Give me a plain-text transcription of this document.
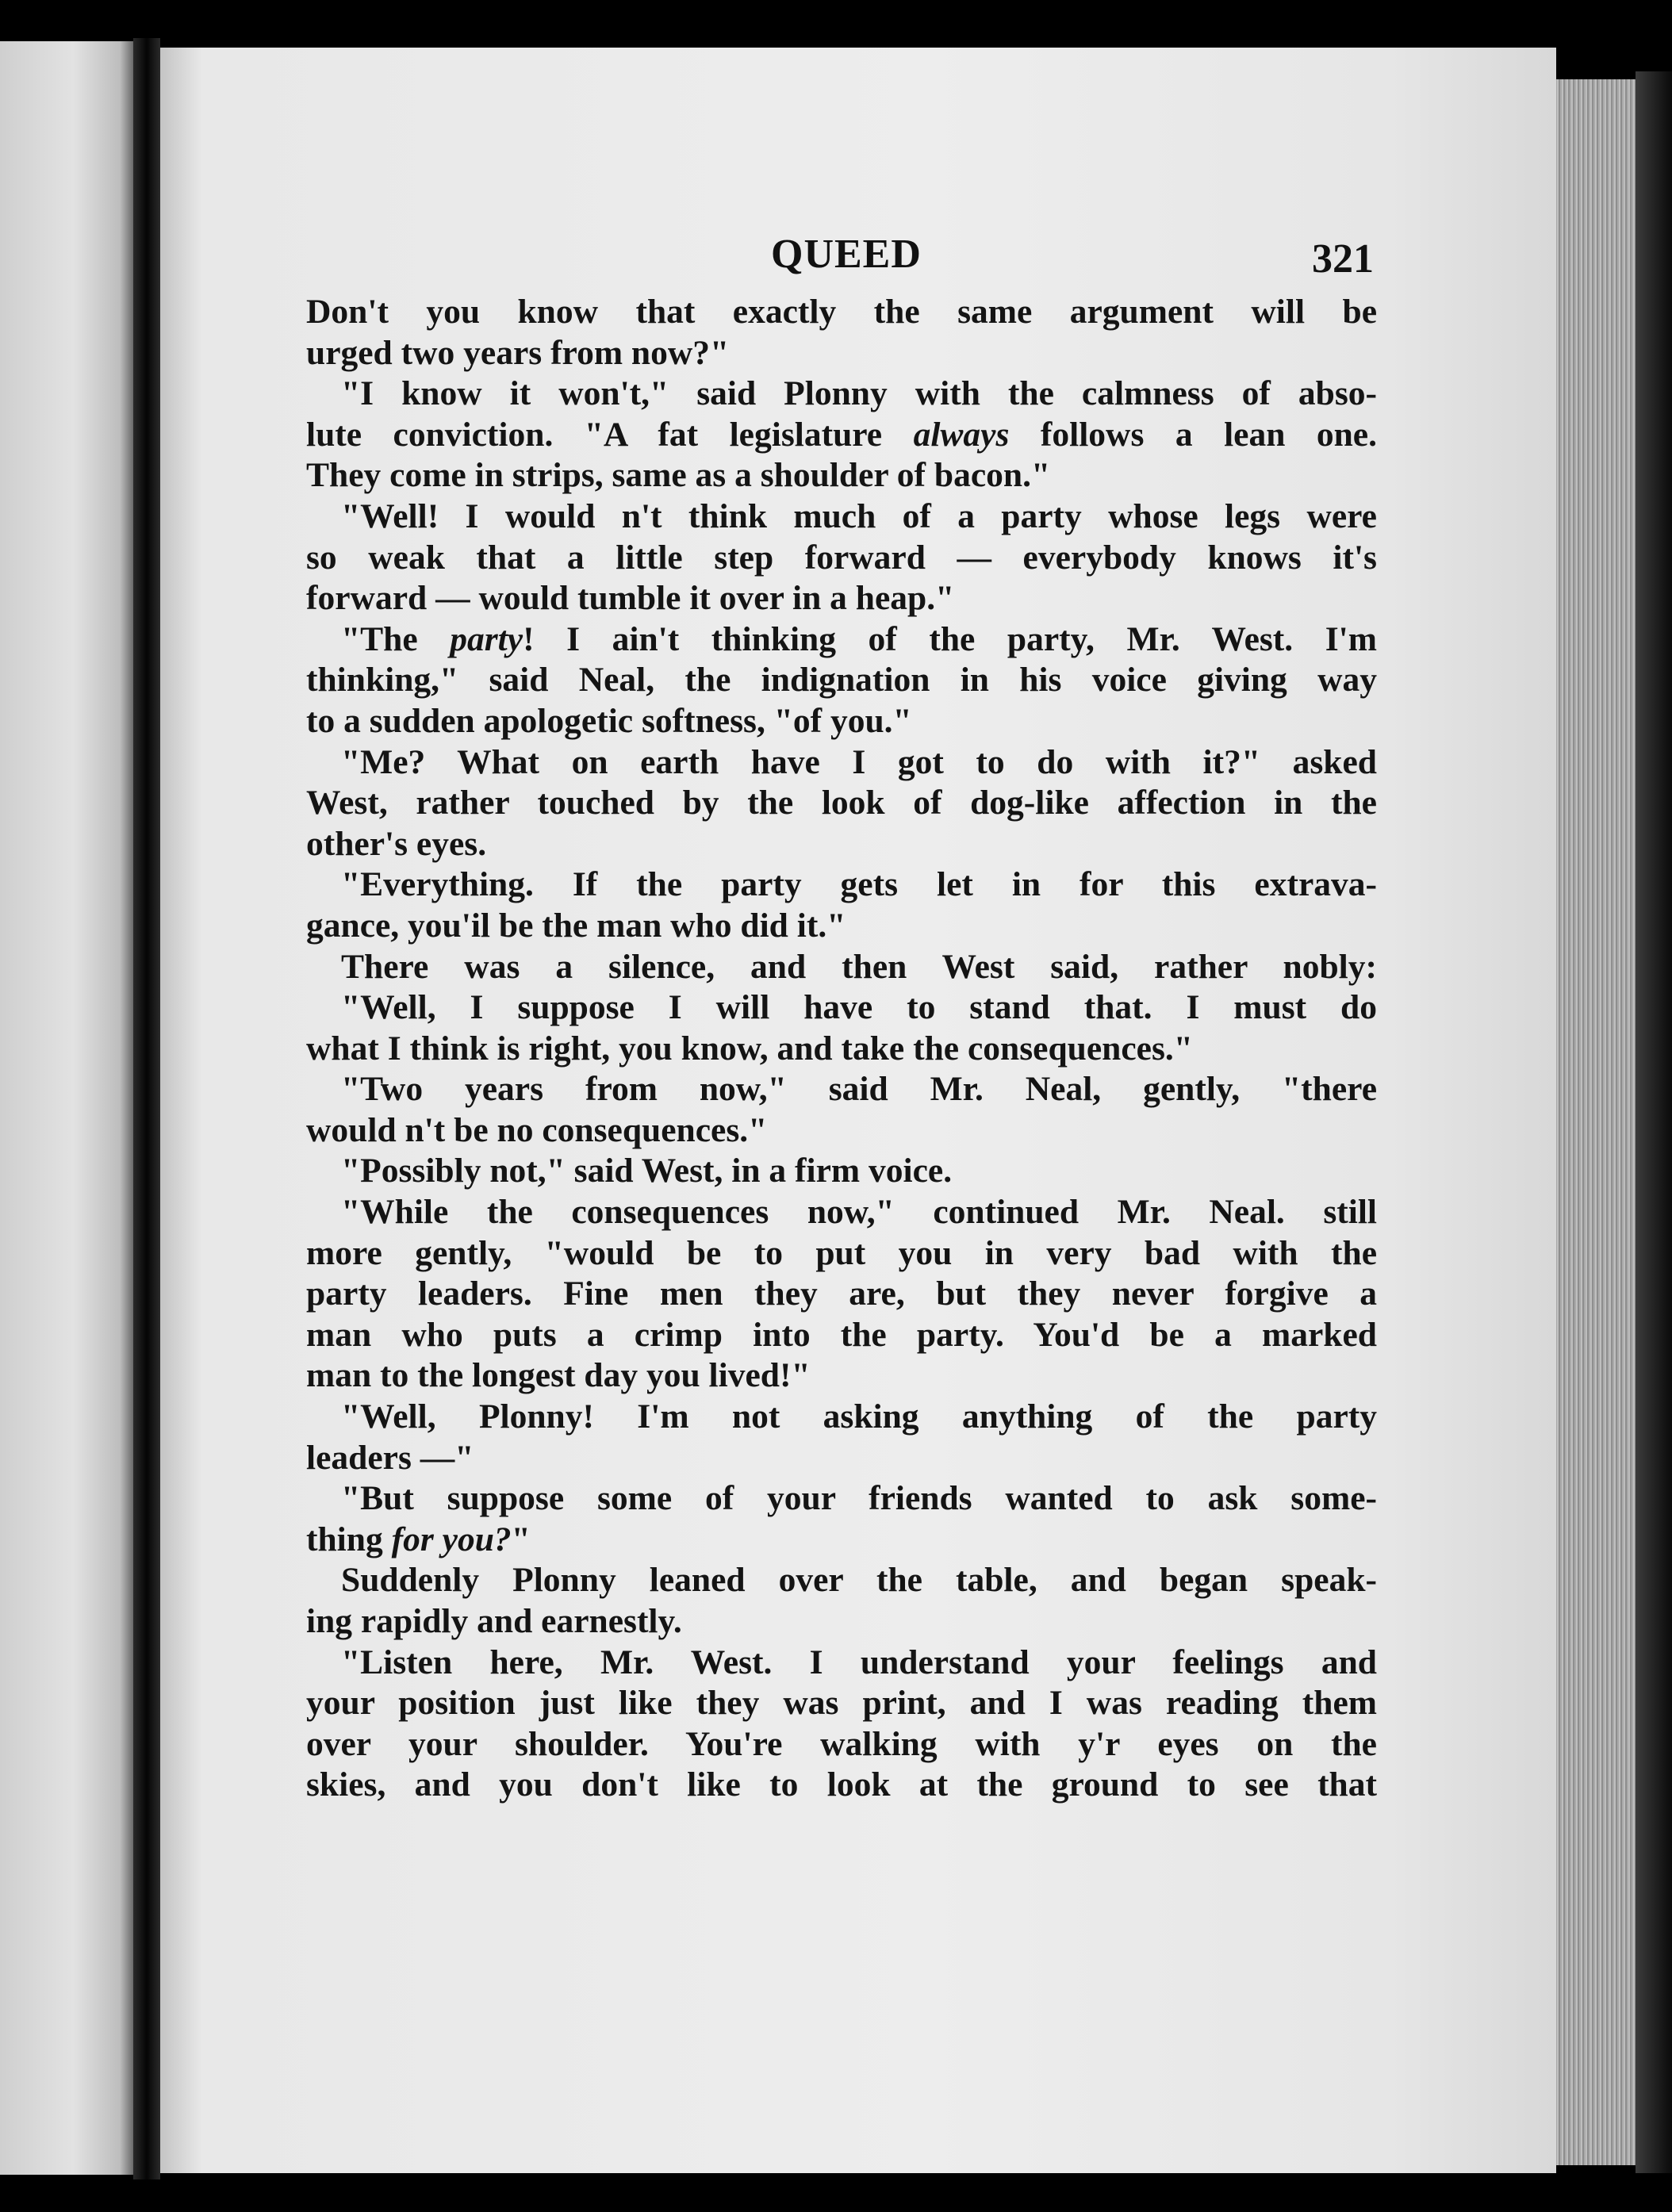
QUEED	321
Don't you know that exactly the same argument will be
urged two years from now?"
"I know it won't," said Plonny with the calmness of abso-
lute conviction. "A fat legislature always follows a lean one.
They come in strips, same as a shoulder of bacon."
"Well! I would n't think much of a party whose legs were
so weak that a little step forward — everybody knows it's
forward — would tumble it over in a heap."
"The party! I ain't thinking of the party, Mr. West. I'm
thinking," said Neal, the indignation in his voice giving way
to a sudden apologetic softness, "of you."
"Me? What on earth have I got to do with it?" asked
West, rather touched by the look of dog-like affection in the
other's eyes.
"Everything. If the party gets let in for this extrava-
gance, you'il be the man who did it."
There was a silence, and then West said, rather nobly:
"Well, I suppose I will have to stand that. I must do
what I think is right, you know, and take the consequences."
"Two years from now," said Mr. Neal, gently, "there
would n't be no consequences."
"Possibly not," said West, in a firm voice.
"While the consequences now," continued Mr. Neal. still
more gently, "would be to put you in very bad with the
party leaders. Fine men they are, but they never forgive a
man who puts a crimp into the party. You'd be a marked
man to the longest day you lived!"
"Well, Plonny! I'm not asking anything of the party
leaders —"
"But suppose some of your friends wanted to ask some-
thing for you?"
Suddenly Plonny leaned over the table, and began speak-
ing rapidly and earnestly.
"Listen here, Mr. West. I understand your feelings and
your position just like they was print, and I was reading them
over your shoulder. You're walking with y'r eyes on the
skies, and you don't like to look at the ground to see that
